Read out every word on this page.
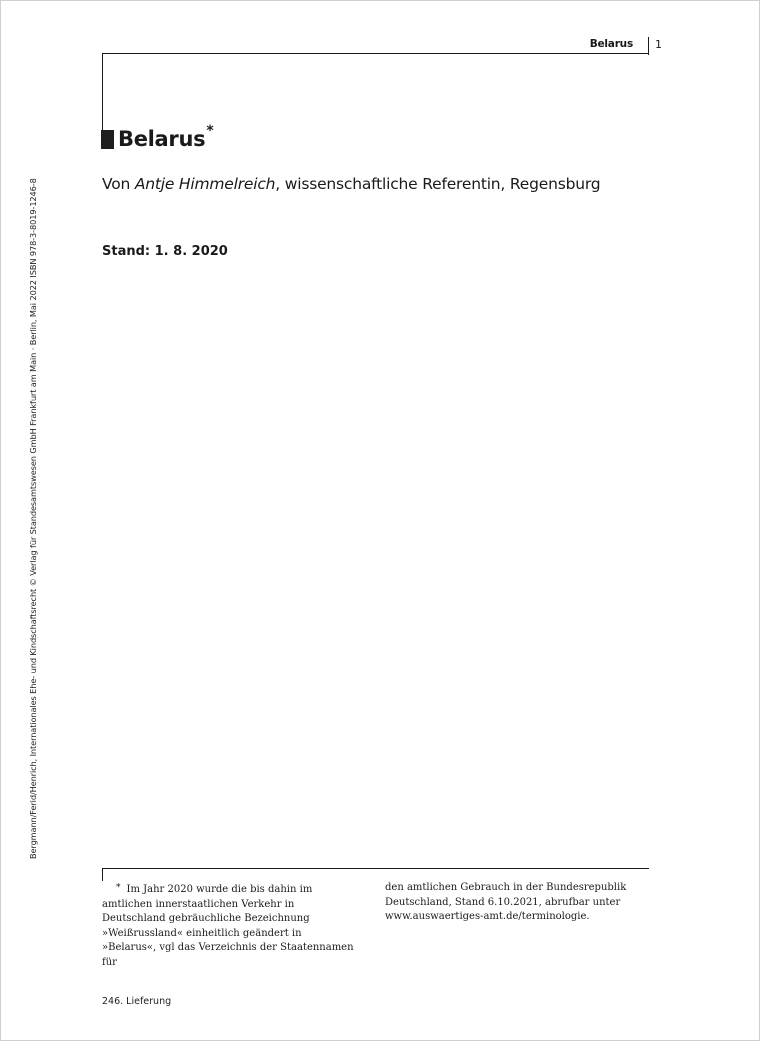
Belarus 1
Belarus*
Von Antje Himmelreich, wissenschaftliche Referentin, Regensburg
Stand: 1. 8. 2020
Bergmann/Ferid/Henrich, Internationales Ehe- und Kindschaftsrecht © Verlag für Standesamtswesen GmbH Frankfurt am Main · Berlin, Mai 2022 ISBN 978-3-8019-1246-8

* Im Jahr 2020 wurde die bis dahin im amtlichen innerstaatlichen Verkehr in Deutschland gebräuchliche Bezeichnung »Weißrussland« einheitlich geändert in »Belarus«, vgl das Verzeichnis der Staatennamen für

den amtlichen Gebrauch in der Bundesrepublik Deutschland, Stand 6.10.2021, abrufbar unter www.auswaertiges-amt.de/terminologie.

246. Lieferung
